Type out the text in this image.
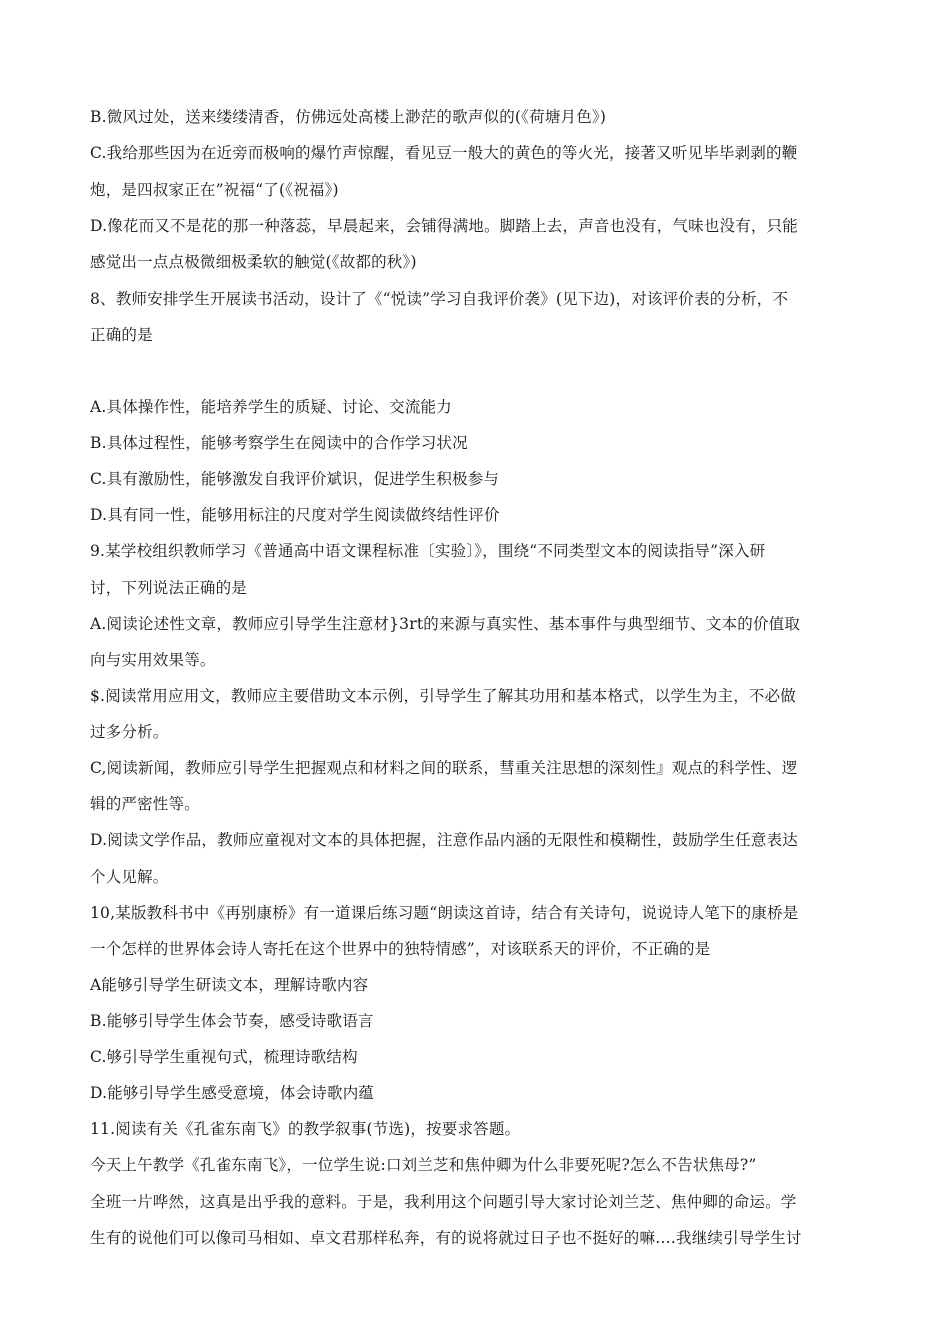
B.微风过处，送来缕缕清香，仿佛远处高楼上渺茫的歌声似的(《荷塘月色》)
C.我给那些因为在近旁而极响的爆竹声惊醒，看见豆一般大的黄色的等火光，接著又听见毕毕剥剥的鞭
炮，是四叔家正在”祝福“了(《祝福》)
D.像花而又不是花的那一种落蕊，早晨起来，会铺得满地。脚踏上去，声音也没有，气味也没有，只能
感觉出一点点极微细极柔软的触觉(《故都的秋》)
8、教师安排学生开展读书活动，设计了《“悦读”学习自我评价袭》(见下边)，对该评价表的分析，不
正确的是
A.具体操作性，能培养学生的质疑、讨论、交流能力
B.具体过程性，能够考察学生在阅读中的合作学习状况
C.具有激励性，能够激发自我评价斌识，促进学生积极参与
D.具有同一性，能够用标注的尺度对学生阅读做终结性评价
9.某学校组织教师学习《普通高中语文课程标准〔实验〕》，围绕“不同类型文本的阅读指导”深入研
讨，下列说法正确的是
A.阅读论述性文章，教师应引导学生注意材}3rt的来源与真实性、基本事件与典型细节、文本的价值取
向与实用效果等。
$.阅读常用应用文，教师应主要借助文本示例，引导学生了解其功用和基本格式，以学生为主，不必做
过多分析。
C,阅读新闻，教师应引导学生把握观点和材料之间的联系，彗重关注思想的深刻性』观点的科学性、逻
辑的严密性等。
D.阅读文学作品，教师应童视对文本的具体把握，注意作品内涵的无限性和模糊性，鼓励学生任意表达
个人见解。
10,某版教科书中《再别康桥》有一道课后练习题“朗读这首诗，结合有关诗句，说说诗人笔下的康桥是
一个怎样的世界体会诗人寄托在这个世界中的独特情感”，对该联系天的评价，不正确的是
A能够引导学生研读文本，理解诗歌内容
B.能够引导学生体会节奏，感受诗歌语言
C.够引导学生重视句式，梳理诗歌结构
D.能够引导学生感受意境，体会诗歌内蕴
11.阅读有关《孔雀东南飞》的教学叙事(节选)，按要求答题。
今天上午教学《孔雀东南飞》，一位学生说:口刘兰芝和焦仲卿为什么非要死呢?怎么不告状焦母?”
全班一片哗然，这真是出乎我的意料。于是，我利用这个问题引导大家讨论刘兰芝、焦仲卿的命运。学
生有的说他们可以像司马相如、卓文君那样私奔，有的说将就过日子也不挺好的嘛.…我继续引导学生讨
